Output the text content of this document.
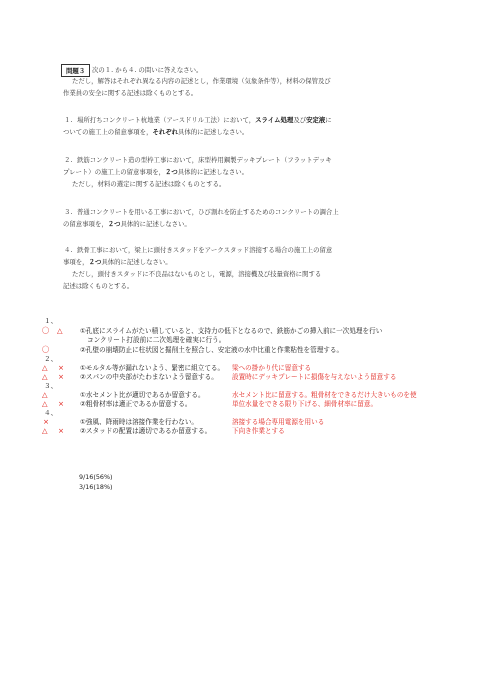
問題３	次の１. から４. の問いに答えなさい。
ただし，解答はそれぞれ異なる内容の記述とし，作業環境（気象条件等），材料の保管及び
作業員の安全に関する記述は除くものとする。
１. 場所打ちコンクリート杭地業（アースドリル工法）において，スライム処理及び安定液に
ついての施工上の留意事項を，それぞれ具体的に記述しなさい。
２. 鉄筋コンクリート造の型枠工事において，床型枠用鋼製デッキプレート（フラットデッキ
プレート）の施工上の留意事項を，２つ具体的に記述しなさい。
ただし，材料の選定に関する記述は除くものとする。
３. 普通コンクリートを用いる工事において，ひび割れを防止するためのコンクリートの調合上
の留意事項を，２つ具体的に記述しなさい。
４. 鉄骨工事において，梁上に頭付きスタッドをアークスタッド溶接する場合の施工上の留意
事項を，２つ具体的に記述しなさい。
ただし，頭付きスタッドに不良品はないものとし，電源，溶接機及び技量資格に関する
記述は除くものとする。
１、
〇 △	①孔底にスライムがたい積していると、支持力の低下となるので、鉄筋かごの挿入前に一次処理を行い
コンクリート打設前に二次処理を確実に行う。
〇	②孔壁の崩壊防止に柱状図と掘削土を照合し、安定液の水中比重と作業粘性を管理する。
２、
△ × ①モルタル等が漏れないよう、緊密に組立てる。 梁への掛かり代に留意する
△ × ②スパンの中央部がたわまないよう留意する。 設置時にデッキプレートに損傷を与えないよう留意する
３、
△	①水セメント比が適切であるか留意する。	水セメント比に留意する。粗骨材をできるだけ大きいものを使
△ × ②粗骨材率は適正であるか留意する。	単位水量をできる限り下げる、細骨材率に留意。
４、
×	①強風、降雨時は溶接作業を行わない。	溶接する場合専用電源を用いる
△ × ②スタッドの配置は適切であるか留意する。	下向き作業とする
9/16(56%)
3/16(18%)
